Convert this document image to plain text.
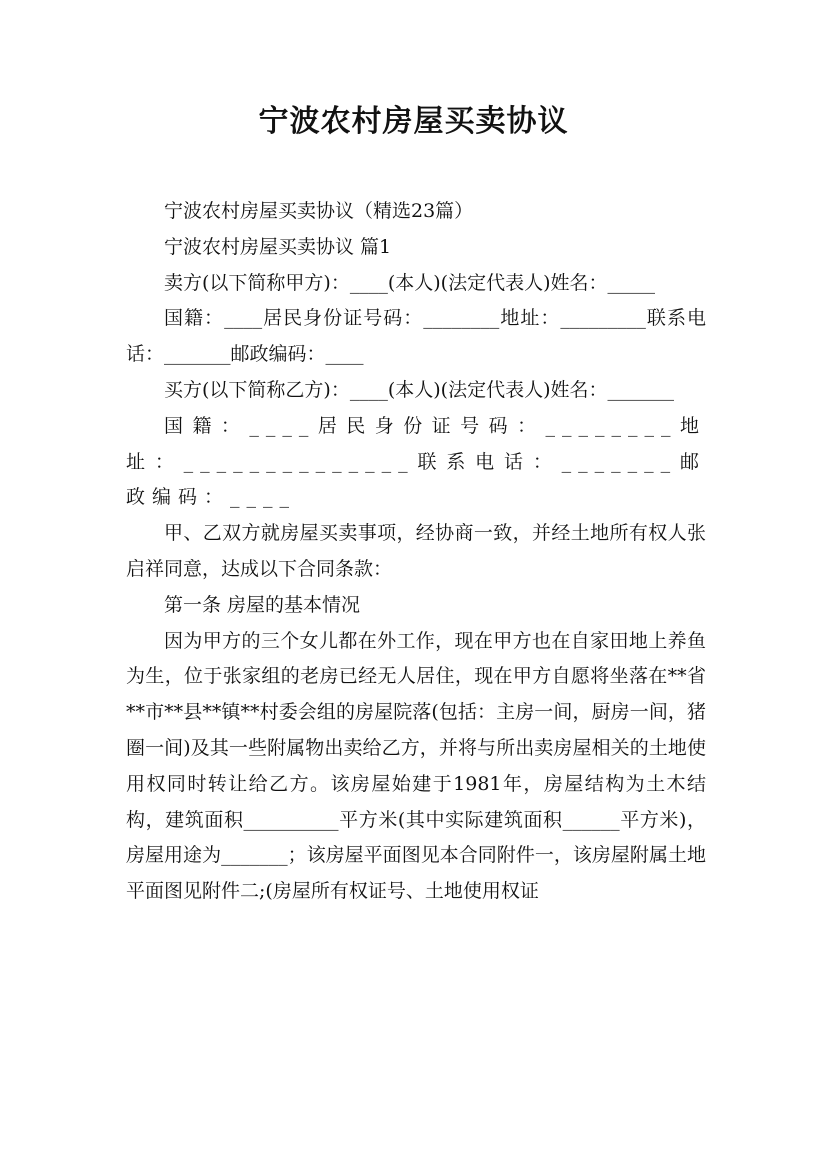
宁波农村房屋买卖协议

宁波农村房屋买卖协议（精选23篇）

宁波农村房屋买卖协议 篇1

卖方(以下简称甲方)：____(本人)(法定代表人)姓名：_____

国籍：____居民身份证号码：________地址：_________联系电话：_______邮政编码：____

买方(以下简称乙方)：____(本人)(法定代表人)姓名：_______

国籍：____居民身份证号码：________地址：______________联系电话：_______邮政编码：____

甲、乙双方就房屋买卖事项，经协商一致，并经土地所有权人张启祥同意，达成以下合同条款：

第一条 房屋的基本情况

因为甲方的三个女儿都在外工作，现在甲方也在自家田地上养鱼为生，位于张家组的老房已经无人居住，现在甲方自愿将坐落在**省**市**县**镇**村委会组的房屋院落(包括：主房一间，厨房一间，猪圈一间)及其一些附属物出卖给乙方，并将与所出卖房屋相关的土地使用权同时转让给乙方。该房屋始建于1981年，房屋结构为土木结构，建筑面积__________平方米(其中实际建筑面积______平方米)，房屋用途为_______；该房屋平面图见本合同附件一，该房屋附属土地平面图见附件二;(房屋所有权证号、土地使用权证
